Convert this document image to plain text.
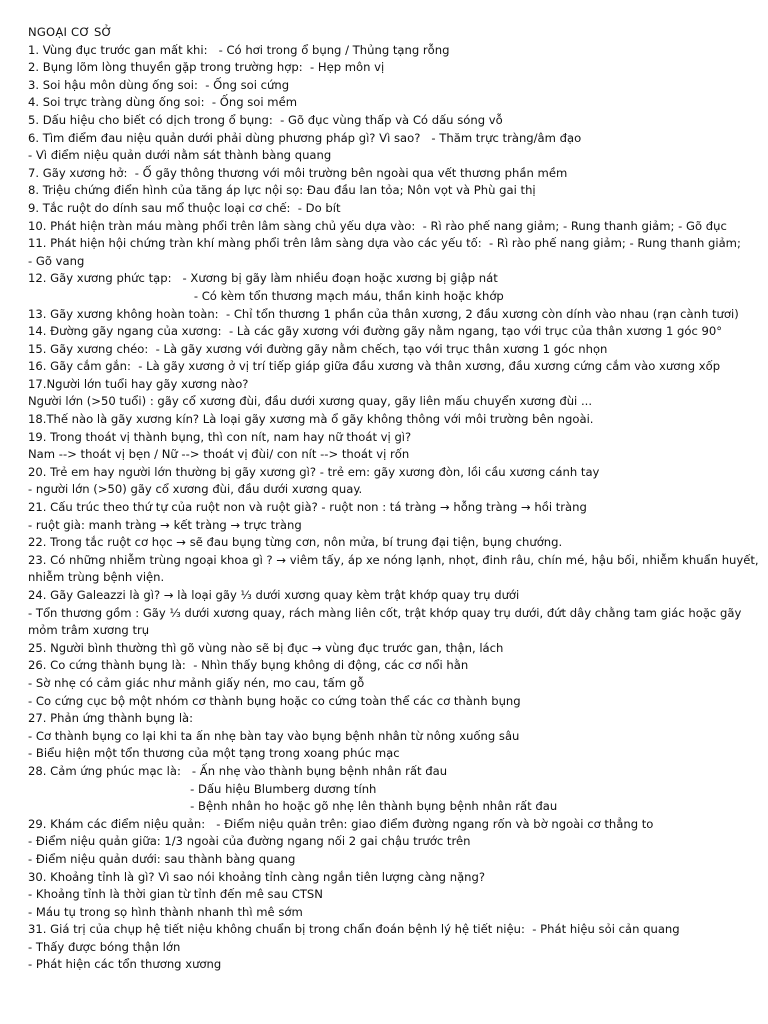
NGOẠI CƠ SỞ
1. Vùng đục trước gan mất khi:   - Có hơi trong ổ bụng / Thủng tạng rỗng
2. Bụng lõm lòng thuyền gặp trong trường hợp:  - Hẹp môn vị
3. Soi hậu môn dùng ống soi:  - Ống soi cứng
4. Soi trực tràng dùng ống soi:  - Ống soi mềm
5. Dấu hiệu cho biết có dịch trong ổ bụng:  - Gõ đục vùng thấp và Có dấu sóng vỗ
6. Tìm điểm đau niệu quản dưới phải dùng phương pháp gì? Vì sao?   - Thăm trực tràng/âm đạo
- Vì điểm niệu quản dưới nằm sát thành bàng quang
7. Gãy xương hở:  - Ổ gãy thông thương với môi trường bên ngoài qua vết thương phần mềm
8. Triệu chứng điển hình của tăng áp lực nội sọ: Đau đầu lan tỏa; Nôn vọt và Phù gai thị
9. Tắc ruột do dính sau mổ thuộc loại cơ chế:  - Do bít
10. Phát hiện tràn máu màng phổi trên lâm sàng chủ yếu dựa vào:  - Rì rào phế nang giảm; - Rung thanh giảm; - Gõ đục
11. Phát hiện hội chứng tràn khí màng phổi trên lâm sàng dựa vào các yếu tố:  - Rì rào phế nang giảm; - Rung thanh giảm;
- Gõ vang
12. Gãy xương phức tạp:   - Xương bị gãy làm nhiều đoạn hoặc xương bị giập nát
- Có kèm tổn thương mạch máu, thần kinh hoặc khớp
13. Gãy xương không hoàn toàn:  - Chỉ tổn thương 1 phần của thân xương, 2 đầu xương còn dính vào nhau (rạn cành tươi)
14. Đường gãy ngang của xương:  - Là các gãy xương với đường gãy nằm ngang, tạo với trục của thân xương 1 góc 90°
15. Gãy xương chéo:  - Là gãy xương với đường gãy nằm chếch, tạo với trục thân xương 1 góc nhọn
16. Gãy cắm gắn:  - Là gãy xương ở vị trí tiếp giáp giữa đầu xương và thân xương, đầu xương cứng cắm vào xương xốp
17.Người lớn tuổi hay gãy xương nào?
Người lớn (>50 tuổi) : gãy cổ xương đùi, đầu dưới xương quay, gãy liên mấu chuyển xương đùi ...
18.Thế nào là gãy xương kín? Là loại gãy xương mà ổ gãy không thông với môi trường bên ngoài.
19. Trong thoát vị thành bụng, thì con nít, nam hay nữ thoát vị gì?
Nam --> thoát vị bẹn / Nữ --> thoát vị đùi/ con nít --> thoát vị rốn
20. Trẻ em hay người lớn thường bị gãy xương gì? - trẻ em: gãy xương đòn, lồi cầu xương cánh tay
- người lớn (>50) gãy cổ xương đùi, đầu dưới xương quay.
21. Cấu trúc theo thứ tự của ruột non và ruột già? - ruột non : tá tràng → hỗng tràng → hồi tràng
- ruột già: manh tràng → kết tràng → trực tràng
22. Trong tắc ruột cơ học → sẽ đau bụng từng cơn, nôn mửa, bí trung đại tiện, bụng chướng.
23. Có những nhiễm trùng ngoại khoa gì ? → viêm tấy, áp xe nóng lạnh, nhọt, đinh râu, chín mé, hậu bối, nhiễm khuẩn huyết, nhiễm trùng bệnh viện.
24. Gãy Galeazzi là gì? → là loại gãy ⅓ dưới xương quay kèm trật khớp quay trụ dưới
- Tổn thương gồm : Gãy ⅓ dưới xương quay, rách màng liên cốt, trật khớp quay trụ dưới, đứt dây chằng tam giác hoặc gãy mỏm trâm xương trụ
25. Người bình thường thì gõ vùng nào sẽ bị đục → vùng đục trước gan, thận, lách
26. Co cứng thành bụng là:  - Nhìn thấy bụng không di động, các cơ nổi hằn
- Sờ nhẹ có cảm giác như mảnh giấy nén, mo cau, tấm gỗ
- Co cứng cục bộ một nhóm cơ thành bụng hoặc co cứng toàn thể các cơ thành bụng
27. Phản ứng thành bụng là:
- Cơ thành bụng co lại khi ta ấn nhẹ bàn tay vào bụng bệnh nhân từ nông xuống sâu
- Biểu hiện một tổn thương của một tạng trong xoang phúc mạc
28. Cảm ứng phúc mạc là:   - Ấn nhẹ vào thành bụng bệnh nhân rất đau
- Dấu hiệu Blumberg dương tính
- Bệnh nhân ho hoặc gõ nhẹ lên thành bụng bệnh nhân rất đau
29. Khám các điểm niệu quản:   - Điểm niệu quản trên: giao điểm đường ngang rốn và bờ ngoài cơ thẳng to
- Điểm niệu quản giữa: 1/3 ngoài của đường ngang nối 2 gai chậu trước trên
- Điểm niệu quản dưới: sau thành bàng quang
30. Khoảng tỉnh là gì? Vì sao nói khoảng tỉnh càng ngắn tiên lượng càng nặng?
- Khoảng tỉnh là thời gian từ tỉnh đến mê sau CTSN
- Máu tụ trong sọ hình thành nhanh thì mê sớm
31. Giá trị của chụp hệ tiết niệu không chuẩn bị trong chẩn đoán bệnh lý hệ tiết niệu:  - Phát hiệu sỏi cản quang
- Thấy được bóng thận lớn
- Phát hiện các tổn thương xương
